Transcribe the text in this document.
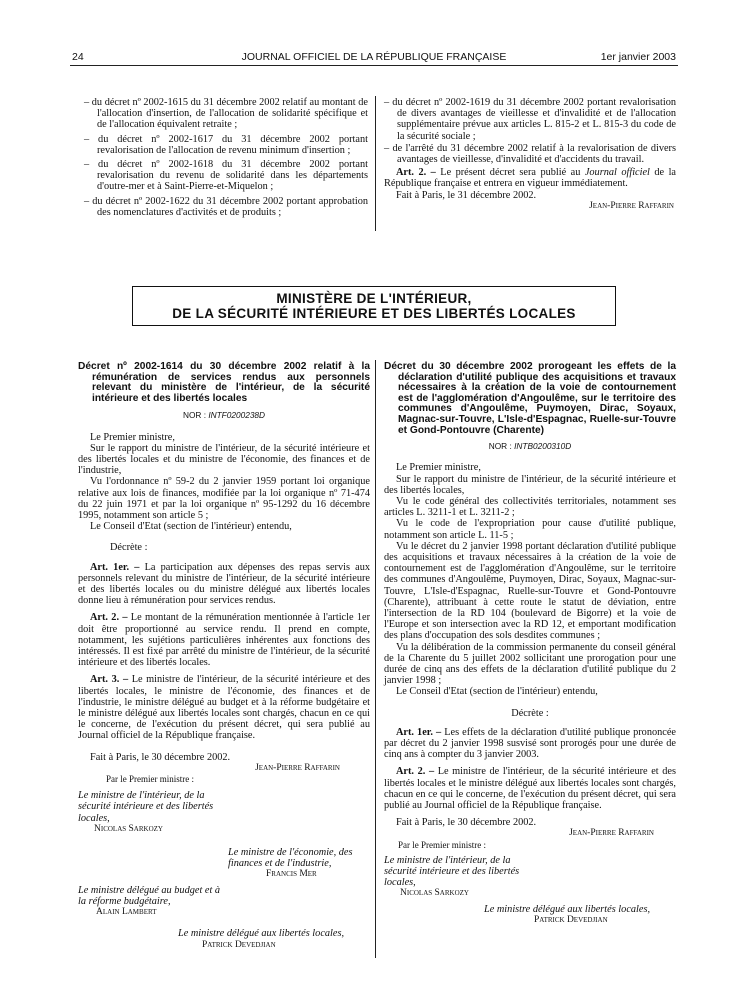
24	JOURNAL OFFICIEL DE LA RÉPUBLIQUE FRANÇAISE	1er janvier 2003

– du décret nº 2002-1615 du 31 décembre 2002 relatif au montant de l'allocation d'insertion, de l'allocation de solidarité spécifique et de l'allocation équivalent retraite ;

– du décret nº 2002-1617 du 31 décembre 2002 portant revalorisation de l'allocation de revenu minimum d'insertion ;

– du décret nº 2002-1618 du 31 décembre 2002 portant revalorisation du revenu de solidarité dans les départements d'outre-mer et à Saint-Pierre-et-Miquelon ;

– du décret nº 2002-1622 du 31 décembre 2002 portant approbation des nomenclatures d'activités et de produits ;

– du décret nº 2002-1619 du 31 décembre 2002 portant revalorisation de divers avantages de vieillesse et d'invalidité et de l'allocation supplémentaire prévue aux articles L. 815-2 et L. 815-3 du code de la sécurité sociale ;

– de l'arrêté du 31 décembre 2002 relatif à la revalorisation de divers avantages de vieillesse, d'invalidité et d'accidents du travail.

Art. 2. – Le présent décret sera publié au Journal officiel de la République française et entrera en vigueur immédiatement.

Fait à Paris, le 31 décembre 2002.

Jean-Pierre Raffarin

MINISTÈRE DE L'INTÉRIEUR,
DE LA SÉCURITÉ INTÉRIEURE ET DES LIBERTÉS LOCALES

Décret nº 2002-1614 du 30 décembre 2002 relatif à la rémunération de services rendus aux personnels relevant du ministère de l'intérieur, de la sécurité intérieure et des libertés locales

NOR : INTF0200238D

Le Premier ministre,

Sur le rapport du ministre de l'intérieur, de la sécurité intérieure et des libertés locales et du ministre de l'économie, des finances et de l'industrie,

Vu l'ordonnance nº 59-2 du 2 janvier 1959 portant loi organique relative aux lois de finances, modifiée par la loi organique nº 71-474 du 22 juin 1971 et par la loi organique nº 95-1292 du 16 décembre 1995, notamment son article 5 ;

Le Conseil d'Etat (section de l'intérieur) entendu,

Décrète :

Art. 1er. – La participation aux dépenses des repas servis aux personnels relevant du ministre de l'intérieur, de la sécurité intérieure et des libertés locales ou du ministre délégué aux libertés locales donne lieu à rémunération pour services rendus.

Art. 2. – Le montant de la rémunération mentionnée à l'article 1er doit être proportionné au service rendu. Il prend en compte, notamment, les sujétions particulières inhérentes aux fonctions des intéressés. Il est fixé par arrêté du ministre de l'intérieur, de la sécurité intérieure et des libertés locales.

Art. 3. – Le ministre de l'intérieur, de la sécurité intérieure et des libertés locales, le ministre de l'économie, des finances et de l'industrie, le ministre délégué au budget et à la réforme budgétaire et le ministre délégué aux libertés locales sont chargés, chacun en ce qui le concerne, de l'exécution du présent décret, qui sera publié au Journal officiel de la République française.

Fait à Paris, le 30 décembre 2002.

Jean-Pierre Raffarin

Par le Premier ministre :

Le ministre de l'intérieur, de la sécurité intérieure et des libertés locales,

Nicolas Sarkozy

Le ministre de l'économie, des finances et de l'industrie,

Francis Mer

Le ministre délégué au budget et à la réforme budgétaire,

Alain Lambert

Le ministre délégué aux libertés locales,

Patrick Devedjian

Décret du 30 décembre 2002 prorogeant les effets de la déclaration d'utilité publique des acquisitions et travaux nécessaires à la création de la voie de contournement est de l'agglomération d'Angoulême, sur le territoire des communes d'Angoulême, Puymoyen, Dirac, Soyaux, Magnac-sur-Touvre, L'Isle-d'Espagnac, Ruelle-sur-Touvre et Gond-Pontouvre (Charente)

NOR : INTB0200310D

Le Premier ministre,

Sur le rapport du ministre de l'intérieur, de la sécurité intérieure et des libertés locales,

Vu le code général des collectivités territoriales, notamment ses articles L. 3211-1 et L. 3211-2 ;

Vu le code de l'expropriation pour cause d'utilité publique, notamment son article L. 11-5 ;

Vu le décret du 2 janvier 1998 portant déclaration d'utilité publique des acquisitions et travaux nécessaires à la création de la voie de contournement est de l'agglomération d'Angoulême, sur le territoire des communes d'Angoulême, Puymoyen, Dirac, Soyaux, Magnac-sur-Touvre, L'Isle-d'Espagnac, Ruelle-sur-Touvre et Gond-Pontouvre (Charente), attribuant à cette route le statut de déviation, entre l'intersection de la RD 104 (boulevard de Bigorre) et la voie de l'Europe et son intersection avec la RD 12, et emportant modification des plans d'occupation des sols desdites communes ;

Vu la délibération de la commission permanente du conseil général de la Charente du 5 juillet 2002 sollicitant une prorogation pour une durée de cinq ans des effets de la déclaration d'utilité publique du 2 janvier 1998 ;

Le Conseil d'Etat (section de l'intérieur) entendu,

Décrète :

Art. 1er. – Les effets de la déclaration d'utilité publique prononcée par décret du 2 janvier 1998 susvisé sont prorogés pour une durée de cinq ans à compter du 3 janvier 2003.

Art. 2. – Le ministre de l'intérieur, de la sécurité intérieure et des libertés locales et le ministre délégué aux libertés locales sont chargés, chacun en ce qui le concerne, de l'exécution du présent décret, qui sera publié au Journal officiel de la République française.

Fait à Paris, le 30 décembre 2002.

Jean-Pierre Raffarin

Par le Premier ministre :

Le ministre de l'intérieur, de la sécurité intérieure et des libertés locales,

Nicolas Sarkozy

Le ministre délégué aux libertés locales,

Patrick Devedjian
